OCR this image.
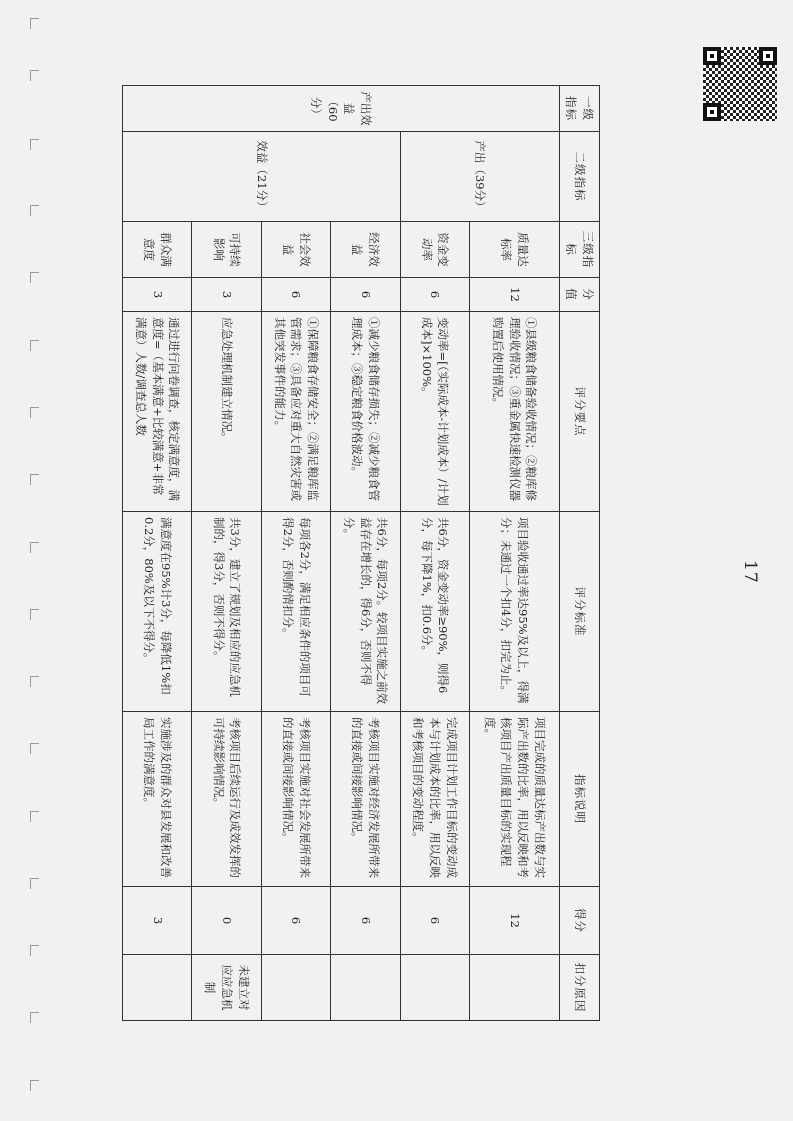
17
一级指标	二级指标	三级指标	分值	评分要点	评分标准	指标说明	得分	扣分原因
产出效益（60分）	产出（39分）	质量达标率	12	①县级粮食储备验收情况；②粮库修理验收情况；③重金属快速检测仪器购置后使用情况。	项目验收通过率达95%及以上，得满分；未通过一个扣4分，扣完为止。	项目完成的质量达标产出数与实际产出数的比率，用以反映和考核项目产出质量目标的实现程度。	12	
		资金变动率	6	变动率=[（实际成本-计划成本）/计划成本]×100%。	共6分，资金变动率≥90%，则得6分，每下降1%，扣0.6分。	完成项目计划工作目标的变动成本与计划成本的比率，用以反映和考核项目的变动程度。	6	
	效益（21分）	经济效益	6	①减少粮食储存损失；②减少粮食管理成本；③稳定粮食价格波动。	共6分，每项2分。较项目实施之前效益存在增长的，得6分，否则不得分。	考核项目实施对经济发展所带来的直接或间接影响情况。	6	
		社会效益	6	①保障粮食存储安全；②满足粮库监管需求；③具备应对重大自然灾害或其他突发事件的能力。	每项各2分，满足相应条件的项目可得2分，否则酌情扣分。	考核项目实施对社会发展所带来的直接或间接影响情况。	6	
		可持续影响	3	应急处理机制建立情况。	共3分，建立了规划及相应的应急机制的，得3分，否则不得分。	考核项目后续运行及成效发挥的可持续影响情况。	0	未建立对应应急机制
		群众满意度	3	通过进行问卷调查，核定满意度，满意度=（基本满意+比较满意+非常满意）人数/调查总人数	满意度在95%计3分，每降低1%扣0.2分，80%及以下不得分。	实施涉及的群众对县发展和改善局工作的满意度。	3	
